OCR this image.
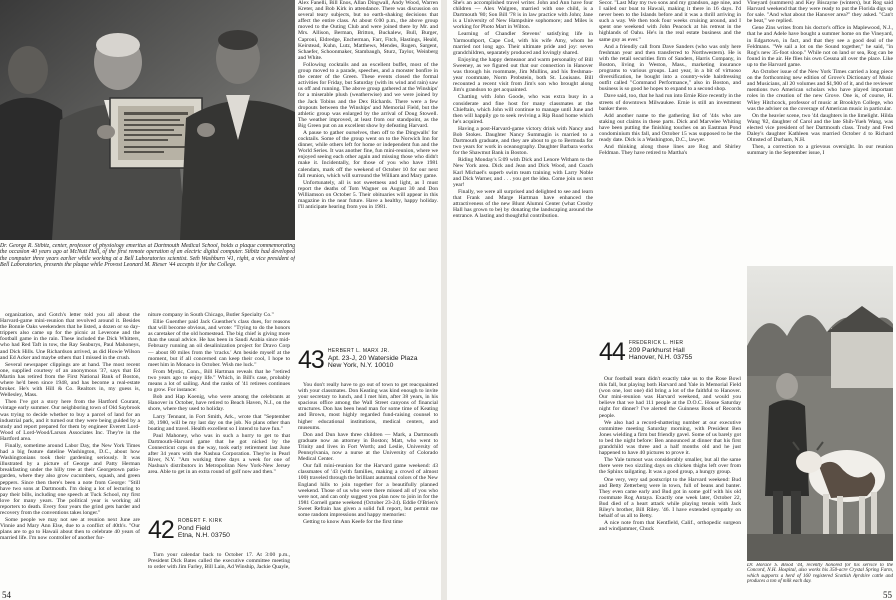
Dr. George R. Stibitz, center, professor of physiology emeritus at Dartmouth Medical School, holds a plaque commemorating the occasion 40 years ago at McNutt Hall, of the first remote operation of an electric digital computer. Stibitz had developed the computer three years earlier while working at a Bell Laboratories scientist. Seth Washburn '41, right, a vice president of Bell Laboratories, presents the plaque while Provost Leonard M. Rieser '44 accepts it for the College.

organization, and Gotch's letter told you all about the Harvard-game mini-reunion that revolved around it. Besides the Bonnie Oaks weekenders that he listed, a dozen or so day-trippers also came up for the picnic at Leverone and the football game in the rain. These included the Dick Whitters, who had Red Taft in tow, the Ray Seaburys, Paul Mahoneys, and Dick Hills. Une Richardson arrived, as did Howie Wilson and Ed Acker and maybe others that I missed in the crush.

Several newspaper clippings are at hand. The most recent one, supplied courtesy of an anonymous '37, says that Ed Martin has retired from the First National Bank of Boston, where he'd been since 1948, and has become a real-estate broker. He's with Hill & Co. Realtors in, my guess is, Wellesley, Mass.

Then I've got a story here from the Hartford Courant, vintage early summer. Our neighboring town of Old Saybrook was trying to decide whether to buy a parcel of land for an industrial park, and it turned out they were being guided by a study and report prepared for them by engineer Everett Lord-Wood of Lord-Wood/Larson Associates Inc. They're in the Hartford area.

Finally, sometime around Labor Day, the New York Times had a big feature dateline Washington, D.C., about how Washingtonians took their gardening seriously. It was illustrated by a picture of George and Patty Herman breakfasting under the hilly tree at their Georgetown patio-garden, where they also grow cucumbers, squash, and green peppers. Since then there's been a note from George: "Still have two sons at Dartmouth. I'm doing a lot of lecturing to pay their bills, including one speech at Tuck School, my first love for many years. The political year is working all reporters to death. Every four years the grind gets harder and recovery from the conventions takes longer."

Some people we may not see at reunion next June are Vinnie and Mary Ann Else, due to a conflict of 40th's. "Our plans are to go to Hawaii about then to celebrate 40 years of married life. I'm now controller of another fur-

niture company in South Chicago, Butler Specialty Co."

Ellie Guenther paid Jack Guenther's class dues, for reasons that will become obvious, and wrote: "Trying to do the honors as caretaker of the old homestead. The big chief is giving more than the usual advice. He has been in Saudi Arabia since mid-February running an oil desalinization project for Dravo Corp — about 80 miles from the 'cracks.' Am beside myself at the moment, but if all concerned can keep their cool, I hope to meet him in Monaco in October. Wish me luck."

From Mystic, Conn., Bill Hartman reveals that he "retired two years ago to enjoy life." Which, in Bill's case, probably means a lot of sailing. And the ranks of '41 retirees continues to grow. For instance:

Bob and Hap Koenig, who were among the celebrants at Hanover in October, have retired to Beach Haven, N.J., on the shore, where they used to holiday.

Larry Tennant, in Fort Smith, Ark., wrote that "September 30, 1980, will be my last day on the job. No plans other than boating and travel. Health excellent so I intend to have fun."

Paul Mahoney, who was in such a hurry to get to that Dartmouth-Harvard game that he got nicked by the Connecticut cops on the way, took early retirement last June after 34 years with the Nashua Corporation. They're in Pearl River, N.Y. "Am working three days a week for one of Nashua's distributors in Metropolitan New York-New Jersey area. Able to get in an extra round of golf now and then."

42 ROBERT F. KIRK
Pond Field
Etna, N.H. 03750

Turn your calendar back to October 17. At 3:00 p.m., President Dick Bates called the executive committee meeting to order with Jim Farley, Bill Lain, Ad Winship, Jackie Quayle,

Alex Fanelli, Bill Enos, Allan Dingwall, Andy Wood, Warren Kreter, and Bob Kirk in attendance. There was discussion on several teary subjects, but no earth-shaking decisions that affect the entire class. At about 6:00 p.m., the above group moved to the Outing Club and were joined there by Mr. and Mrs. Allison, Berman, Britton, Buckalew, Bull, Burger, Caproni, Eldredge, Encherman, Farr, Fitch, Hastings, Heald, Keirstead, Kuhn, Lutz, Matthews, Mendes, Rugen, Sargent, Schaefer, Schoonmaker, Stambaugh, Sturz, Taylor, Weinberg and White.

Following cocktails and an excellent buffet, most of the group moved to a parade, speeches, and a monster bonfire in the center of the Green. These events closed the formal activities for Friday, but Saturday (with its wind and rain) saw us off and running. The above group gathered at the Winships' for a miserable plush (weatherwise) and we were joined by the Jack Tobins and the Dex Richards. There were a few dropouts between the Winships' and Memorial Field, but the athletic group was enlarged by the arrival of Doug Stowell. The weather improved, at least from our standpoint, as the Big Green put on an excellent show by defeating Harvard.

A pause to gather ourselves, then off to the Dingwalls' for cocktails. Some of the group went on to the Norwich Inn for dinner, while others left for home or independent fun and the World Series. It was another fine, fun mini-reunion, where we enjoyed seeing each other again and missing those who didn't make it. Incidentally, for those of you who have 1981 calendars, mark off the weekend of October 10 for our next fall reunion, which will surround the William and Mary game.

Unfortunately, all is not sweetness and light, as I must report the deaths of Tom Wagner on August 30 and Don Williamson on October 5. Their obituaries will appear in this magazine in the near future. Have a healthy, happy holiday. I'll anticipate hearing from you in 1981.

43 HERBERT L. MARX JR.
Apt. 23-J, 20 Waterside Plaza
New York, N.Y. 10010

You don't really have to go out of town to get reacquainted with your classmates. Don Keating was kind enough to invite your secretary to lunch, and I met him, after 38 years, in his spacious office among the Wall Street canyons of financial structures. Don has been head man for some time of Keating and Brown, most highly regarded fund-raising counsel to higher educational institutions, medical centers, and museums.

Don and Dun have three children — Mark, a Dartmouth graduate now an attorney in Boston; Matt, who went to Trinity and lives in Fort Worth; and Leslie, University of Pennsylvania, now a nurse at the University of Colorado Medical Center.

Our fall mini-reunion for the Harvard game weekend: 43 classmates of '43 (with families, making a crowd of almost 100) traveled through the brilliant autumnal colors of the New England hills to join together for a beautifully planned weekend. Those of us who were there missed all of you who were not, and can only suggest you plan now to join in for the 1981 Cornell game weekend (October 23-24). Eddie O'Brien's Sweet Refrain has given a solid full report, but permit me some random impressions and happy memories:

Getting to know Ann Keefe for the first time

54

She's an accomplished travel writer. John and Ann have four children — Alex Walgren, married with one child, is a Dartmouth '80; Son Bill '78 is in law practice with John; Jane is a University of New Hampshire sophomore; and Miles is working for Photo Mart in Wilton.

Learning of Chandler Stevens' satisfying life in Yarmouthport, Cape Cod, with his wife Amy, whom he married not long ago. Their ultimate pride and joy: seven grandchildren, separately produced and lovingly shared.

Enjoying the happy demeanor and warm personality of Bill Sweeney, as we figured out that our connection in Hanover was through his roommate, Jim Mullins, and his freshman-year roommate, Norm Probstein, both St. Louisans. Bill recounted a recent visit from Jim's son who brought along Jim's grandson to get acquainted.

Chatting with John Goode, who was extra busy in a considerate and fine host for many classmates at the Chieftain, which John will continue to manage until June and then will happily go to seek reviving a Rip Road home which he's acquired.

Having a post-Harvard-game victory drink with Nancy and Bob Stokes. Daughter Nancy Summagin is married to a Dartmouth graduate, and they are about to go to Bermuda for two years for work in oceanography. Daughter Barbara works for the Shawmut Bank in Boston.

Riding Monday's 5:09 with Dick and Lenore Witham to the New York area. Dick and Jean and Dick Wood, and Coach Karl Michael's superb swim team training with Larry Noble and Dick Warner, and . . . you get the idea. Come join us next year!

Finally, we were all surprised and delighted to see and learn that Frank and Marge Hartman have enhanced the attractiveness of the new Blunt Alumni Center (what Crosby Hall has grown to be) by donating the landscaping around the entrance. A lasting and thoughtful contribution.

Secor. "Last May my two sons and my grandson, age nine, and I sailed our boat to Hawaii, making it there in 16 days. I'd never been to the Islands before and it was a thrill arriving in such a way. We then took four weeks cruising around, and I spent one weekend with John Peacock at his retreat in the highlands of Oahu. He's in the real estate business and the same guy as ever."

And a friendly call from Dave Sanders (who was only here freshman year and then transferred to Northwestern). He is with the retail securities firm of Sanders, Harris Company, in Boston, living in Weston, Mass., marketing insurance programs to various groups. Last year, in a bit of virtuoso diversification, he bought into a country-wide hairdressing outfit called "Command Performance," also in Boston, and business is so good he hopes to expand to a second shop.

Dave said, too, that he had run into Ernie Rice recently in the streets of downtown Milwaukee. Ernie is still an investment banker there.

Add another name to the gathering list of '44s who are staking out claims in these parts. Dick and Marvelee Whiting have been putting the finishing touches on an Eastman Pond condominium this fall, and October 15 was supposed to be the ready date. Dick is a Washington, D.C., lawyer.

And thinking along those lines are Rog and Shirley Feldman. They have retired to Martha's

44 FREDERICK L. HIER
209 Parkhurst Hall
Hanover, N.H. 03755

Our football team didn't exactly take us to the Rose Bowl this fall, but playing both Harvard and Yale in Memorial Field (won one, lost one) did bring a lot of the faithful to Hanover. Our mini-reunion was Harvard weekend, and would you believe that we had 111 people at the D.O.C. House Saturday night for dinner? I've alerted the Guinness Book of Records people.

We also had a record-shattering number at our executive committee meeting Saturday morning, with President Ben Jones wielding a firm but friendly gavel. Some of us barely got to bed the night before: Ben announced at dinner that his first grandchild was three and a half months old and he just happened to have 40 pictures to prove it.

The Yale turnout was considerably smaller, but all the same there were two sizzling days on chicken thighs left over from the Sphinx tailgating. It was a good group, a hungry group.

One very, very sad postscript to the Harvard weekend: Bud and Betty Zetterberg were in town, full of beans and banter. They even came early and Bud got in some golf with his old roommate Rog Antaya. Exactly one week later, October 22, Bud died of a heart attack while playing tennis with Jack Riley's brother, Bill Riley. '46. I have extended sympathy on behalf of us all to Betty.

A nice note from that Kentfield, Calif., orthopedic surgeon and windjammer, Chuck

Vineyard (summers) and Key Biscayne (winters), but Rog said Harvard weekend that they were ready to put the Florida digs up for sale. "And what about the Hanover area?" they asked. "Can't be beat," we replied.

Gene Zins writes from his doctor's office in Maplewood, N.J., that he and Adele have bought a summer home on the Vineyard, in Edgartown, in fact, and that they see a good deal of the Feldmans. "We sail a lot on the Sound together," he said, "in Rog's new 35-foot sloop." While not on land or sea, Rog can be found in the air. He flies his own Cessna all over the place. Like up to the Harvard game.

An October issue of the New York Times carried a long piece on the forthcoming new edition of Grove's Dictionary of Music and Musicians, all 20 volumes and $1,900 of it, and the reviewer mentions two American scholars who have played important roles in the creation of the new Grove. One is, of course, H. Wiley Hitchcock, professor of music at Brooklyn College, who was the adviser on the coverage of American music in particular.

On the heavier scene, two '44 daughters in the limelight. Hilda Wang '82, daughter of Carol and the late Shih-Yueh Wang, was elected vice president of her Dartmouth class. Trudy and Fred Daley's daughter Kathleen was married October 4 to Richard Olmsted of Durham, N.H.

Then, a correction to a grievous oversight. In our reunion summary in the September issue, I

Dr. Horace S. Blood '44, recently honored for his service to the Concord, N.H. Hospital, also works his 350-acre Crystal Spring Farm, which supports a herd of 160 registered Scottish Ayrshire cattle and produces a ton of milk each day.
55
